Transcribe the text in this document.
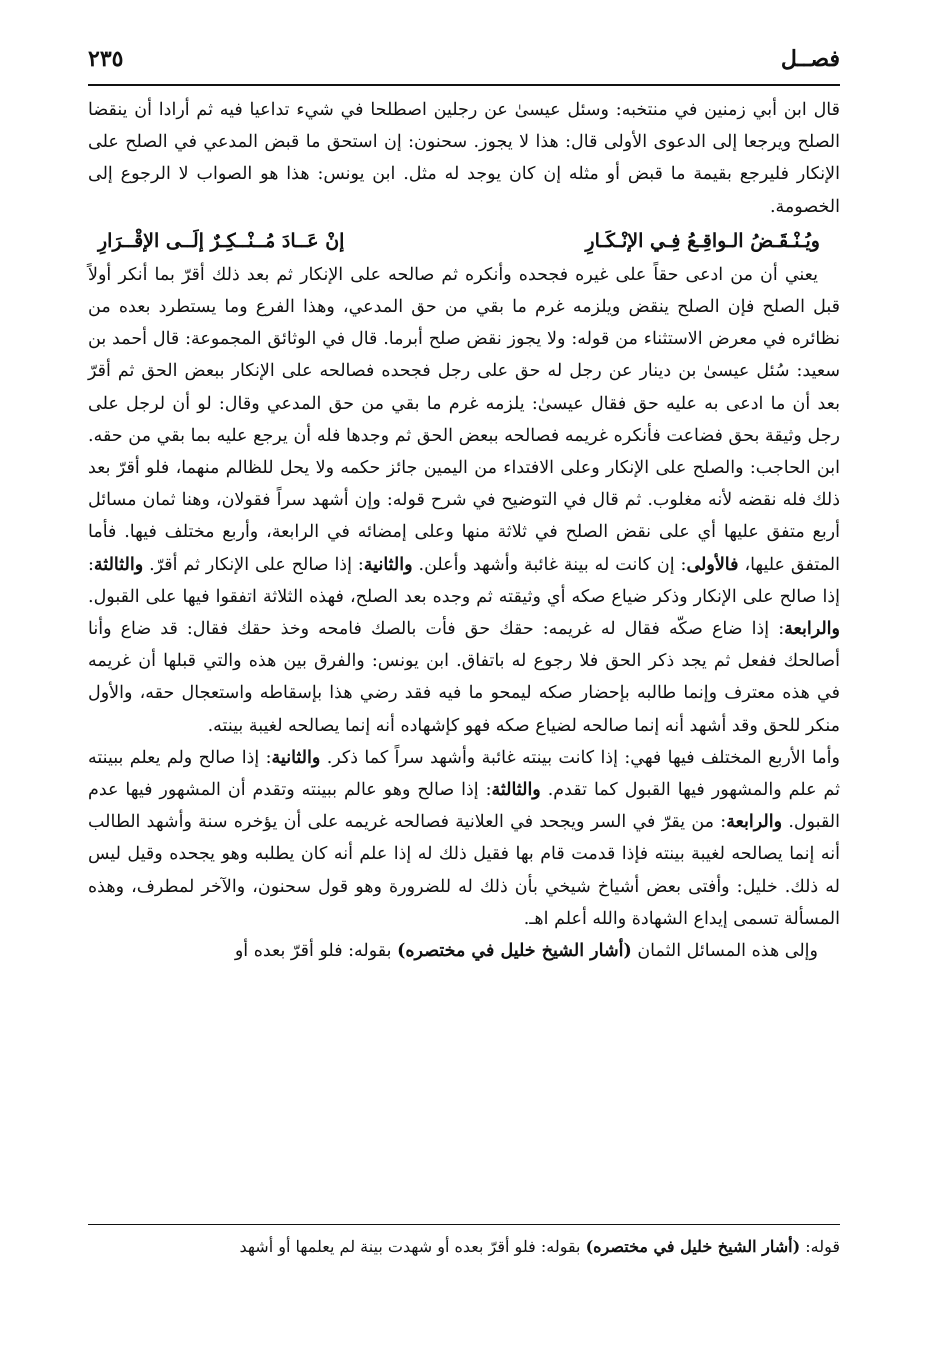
فصــل
٢٣٥

قال ابن أبي زمنين في منتخبه: وسئل عيسىٰ عن رجلين اصطلحا في شيء تداعيا فيه ثم أرادا أن ينقضا الصلح ويرجعا إلى الدعوى الأولى قال: هذا لا يجوز. سحنون: إن استحق ما قبض المدعي في الصلح على الإنكار فليرجع بقيمة ما قبض أو مثله إن كان يوجد له مثل. ابن يونس: هذا هو الصواب لا الرجوع إلى الخصومة.

ويُـنْـقَـضُ الـواقِـعُ فِـي الإنْـكَـارِ
إنْ عَــادَ مُــنْــكِـرٌ إلَــى الإقْــرَارِ

يعني أن من ادعى حقاً على غيره فجحده وأنكره ثم صالحه على الإنكار ثم بعد ذلك أقرّ بما أنكر أولاً قبل الصلح فإن الصلح ينقض ويلزمه غرم ما بقي من حق المدعي، وهذا الفرع وما يستطرد بعده من نظائره في معرض الاستثناء من قوله: ولا يجوز نقض صلح أبرما. قال في الوثائق المجموعة: قال أحمد بن سعيد: سُئل عيسىٰ بن دينار عن رجل له حق على رجل فجحده فصالحه على الإنكار ببعض الحق ثم أقرّ بعد أن ما ادعى به عليه حق فقال عيسىٰ: يلزمه غرم ما بقي من حق المدعي وقال: لو أن لرجل على رجل وثيقة بحق فضاعت فأنكره غريمه فصالحه ببعض الحق ثم وجدها فله أن يرجع عليه بما بقي من حقه. ابن الحاجب: والصلح على الإنكار وعلى الافتداء من اليمين جائز حكمه ولا يحل للظالم منهما، فلو أقرّ بعد ذلك فله نقضه لأنه مغلوب. ثم قال في التوضيح في شرح قوله: وإن أشهد سراً فقولان، وهنا ثمان مسائل أربع متفق عليها أي على نقض الصلح في ثلاثة منها وعلى إمضائه في الرابعة، وأربع مختلف فيها. فأما المتفق عليها، فالأولى: إن كانت له بينة غائبة وأشهد وأعلن. والثانية: إذا صالح على الإنكار ثم أقرّ. والثالثة: إذا صالح على الإنكار وذكر ضياع صكه أي وثيقته ثم وجده بعد الصلح، فهذه الثلاثة اتفقوا فيها على القبول. والرابعة: إذا ضاع صكّه فقال له غريمه: حقك حق فأت بالصك فامحه وخذ حقك فقال: قد ضاع وأنا أصالحك ففعل ثم يجد ذكر الحق فلا رجوع له باتفاق. ابن يونس: والفرق بين هذه والتي قبلها أن غريمه في هذه معترف وإنما طالبه بإحضار صكه ليمحو ما فيه فقد رضي هذا بإسقاطه واستعجال حقه، والأول منكر للحق وقد أشهد أنه إنما صالحه لضياع صكه فهو كإشهاده أنه إنما يصالحه لغيبة بينته.

وأما الأربع المختلف فيها فهي: إذا كانت بينته غائبة وأشهد سراً كما ذكر. والثانية: إذا صالح ولم يعلم ببينته ثم علم والمشهور فيها القبول كما تقدم. والثالثة: إذا صالح وهو عالم ببينته وتقدم أن المشهور فيها عدم القبول. والرابعة: من يقرّ في السر ويجحد في العلانية فصالحه غريمه على أن يؤخره سنة وأشهد الطالب أنه إنما يصالحه لغيبة بينته فإذا قدمت قام بها فقيل ذلك له إذا علم أنه كان يطلبه وهو يجحده وقيل ليس له ذلك. خليل: وأفتى بعض أشياخ شيخي بأن ذلك له للضرورة وهو قول سحنون، والآخر لمطرف، وهذه المسألة تسمى إيداع الشهادة والله أعلم اهـ.

وإلى هذه المسائل الثمان (أشار الشيخ خليل في مختصره) بقوله: فلو أقرّ بعده أو

قوله: (أشار الشيخ خليل في مختصره) بقوله: فلو أقرّ بعده أو شهدت بينة لم يعلمها أو أشهد
